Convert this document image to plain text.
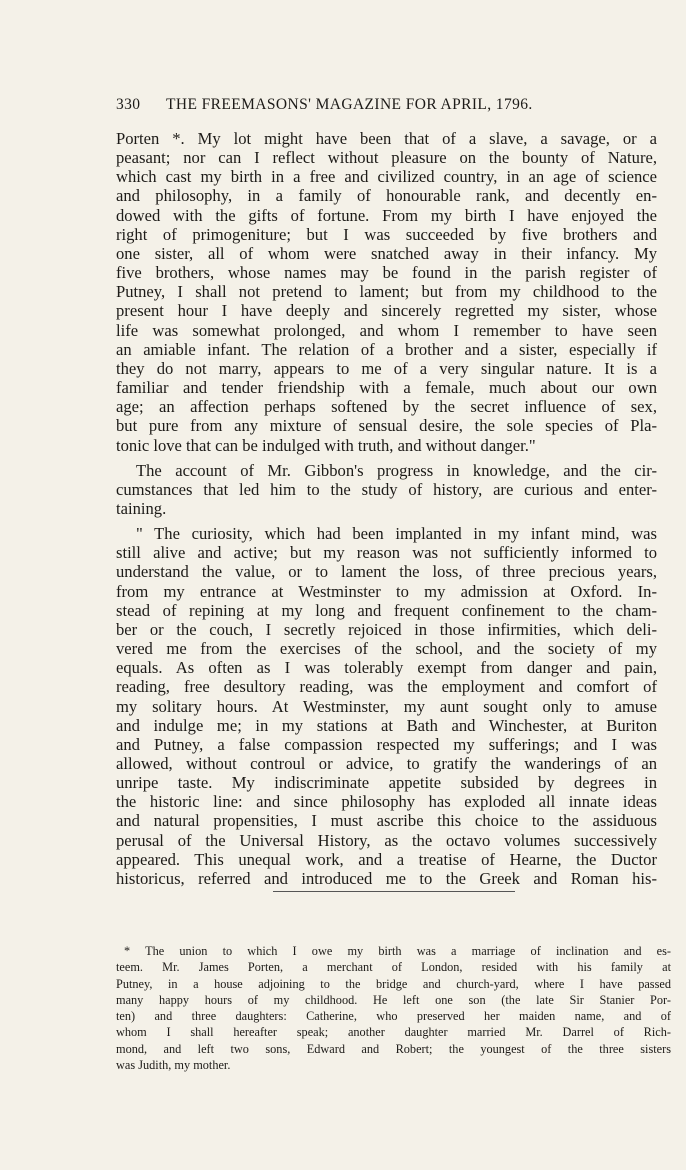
330 THE FREEMASONS' MAGAZINE FOR APRIL, 1796.
Porten *. My lot might have been that of a slave, a savage, or a
peasant; nor can I reflect without pleasure on the bounty of Nature,
which cast my birth in a free and civilized country, in an age of science
and philosophy, in a family of honourable rank, and decently en-
dowed with the gifts of fortune. From my birth I have enjoyed the
right of primogeniture; but I was succeeded by five brothers and
one sister, all of whom were snatched away in their infancy. My
five brothers, whose names may be found in the parish register of
Putney, I shall not pretend to lament; but from my childhood to the
present hour I have deeply and sincerely regretted my sister, whose
life was somewhat prolonged, and whom I remember to have seen
an amiable infant. The relation of a brother and a sister, especially if
they do not marry, appears to me of a very singular nature. It is a
familiar and tender friendship with a female, much about our own
age; an affection perhaps softened by the secret influence of sex,
but pure from any mixture of sensual desire, the sole species of Pla-
tonic love that can be indulged with truth, and without danger."
The account of Mr. Gibbon's progress in knowledge, and the cir-
cumstances that led him to the study of history, are curious and enter-
taining.
" The curiosity, which had been implanted in my infant mind, was
still alive and active; but my reason was not sufficiently informed to
understand the value, or to lament the loss, of three precious years,
from my entrance at Westminster to my admission at Oxford. In-
stead of repining at my long and frequent confinement to the cham-
ber or the couch, I secretly rejoiced in those infirmities, which deli-
vered me from the exercises of the school, and the society of my
equals. As often as I was tolerably exempt from danger and pain,
reading, free desultory reading, was the employment and comfort of
my solitary hours. At Westminster, my aunt sought only to amuse
and indulge me; in my stations at Bath and Winchester, at Buriton
and Putney, a false compassion respected my sufferings; and I was
allowed, without controul or advice, to gratify the wanderings of an
unripe taste. My indiscriminate appetite subsided by degrees in
the historic line: and since philosophy has exploded all innate ideas
and natural propensities, I must ascribe this choice to the assiduous
perusal of the Universal History, as the octavo volumes successively
appeared. This unequal work, and a treatise of Hearne, the Ductor
historicus, referred and introduced me to the Greek and Roman his-
* The union to which I owe my birth was a marriage of inclination and es-
teem. Mr. James Porten, a merchant of London, resided with his family at
Putney, in a house adjoining to the bridge and church-yard, where I have passed
many happy hours of my childhood. He left one son (the late Sir Stanier Por-
ten) and three daughters: Catherine, who preserved her maiden name, and of
whom I shall hereafter speak; another daughter married Mr. Darrel of Rich-
mond, and left two sons, Edward and Robert; the youngest of the three sisters
was Judith, my mother.
